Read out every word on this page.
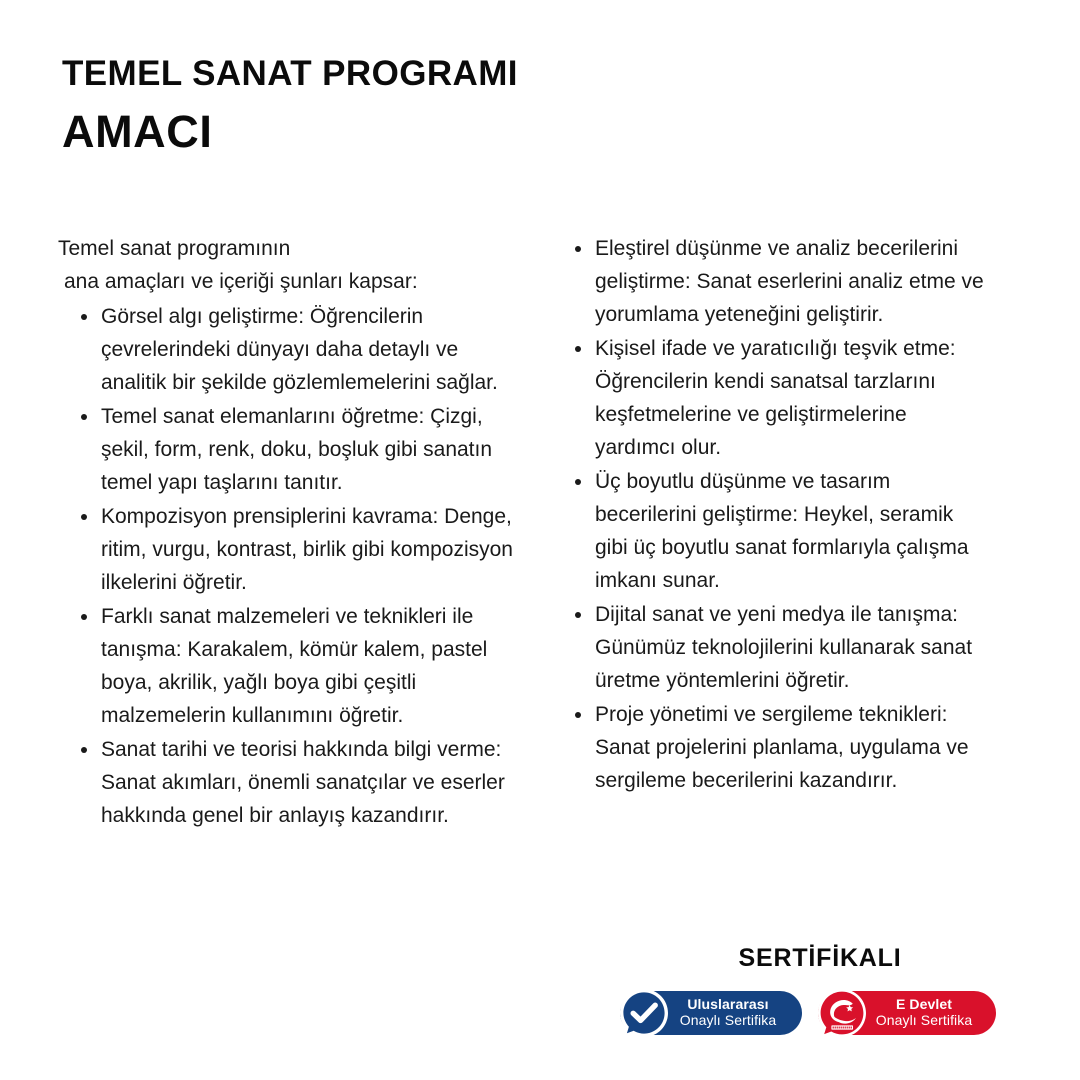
TEMEL SANAT PROGRAMI
AMACI

Temel sanat programının
ana amaçları ve içeriği şunları kapsar:

Görsel algı geliştirme: Öğrencilerin çevrelerindeki dünyayı daha detaylı ve analitik bir şekilde gözlemlemelerini sağlar.
Temel sanat elemanlarını öğretme: Çizgi, şekil, form, renk, doku, boşluk gibi sanatın temel yapı taşlarını tanıtır.
Kompozisyon prensiplerini kavrama: Denge, ritim, vurgu, kontrast, birlik gibi kompozisyon ilkelerini öğretir.
Farklı sanat malzemeleri ve teknikleri ile tanışma: Karakalem, kömür kalem, pastel boya, akrilik, yağlı boya gibi çeşitli malzemelerin kullanımını öğretir.
Sanat tarihi ve teorisi hakkında bilgi verme: Sanat akımları, önemli sanatçılar ve eserler hakkında genel bir anlayış kazandırır.
Eleştirel düşünme ve analiz becerilerini geliştirme: Sanat eserlerini analiz etme ve yorumlama yeteneğini geliştirir.
Kişisel ifade ve yaratıcılığı teşvik etme: Öğrencilerin kendi sanatsal tarzlarını keşfetmelerine ve geliştirmelerine yardımcı olur.
Üç boyutlu düşünme ve tasarım becerilerini geliştirme: Heykel, seramik gibi üç boyutlu sanat formlarıyla çalışma imkanı sunar.
Dijital sanat ve yeni medya ile tanışma: Günümüz teknolojilerini kullanarak sanat üretme yöntemlerini öğretir.
Proje yönetimi ve sergileme teknikleri: Sanat projelerini planlama, uygulama ve sergileme becerilerini kazandırır.
SERTİFİKALI
Uluslararası
Onaylı Sertifika
E Devlet
Onaylı Sertifika
